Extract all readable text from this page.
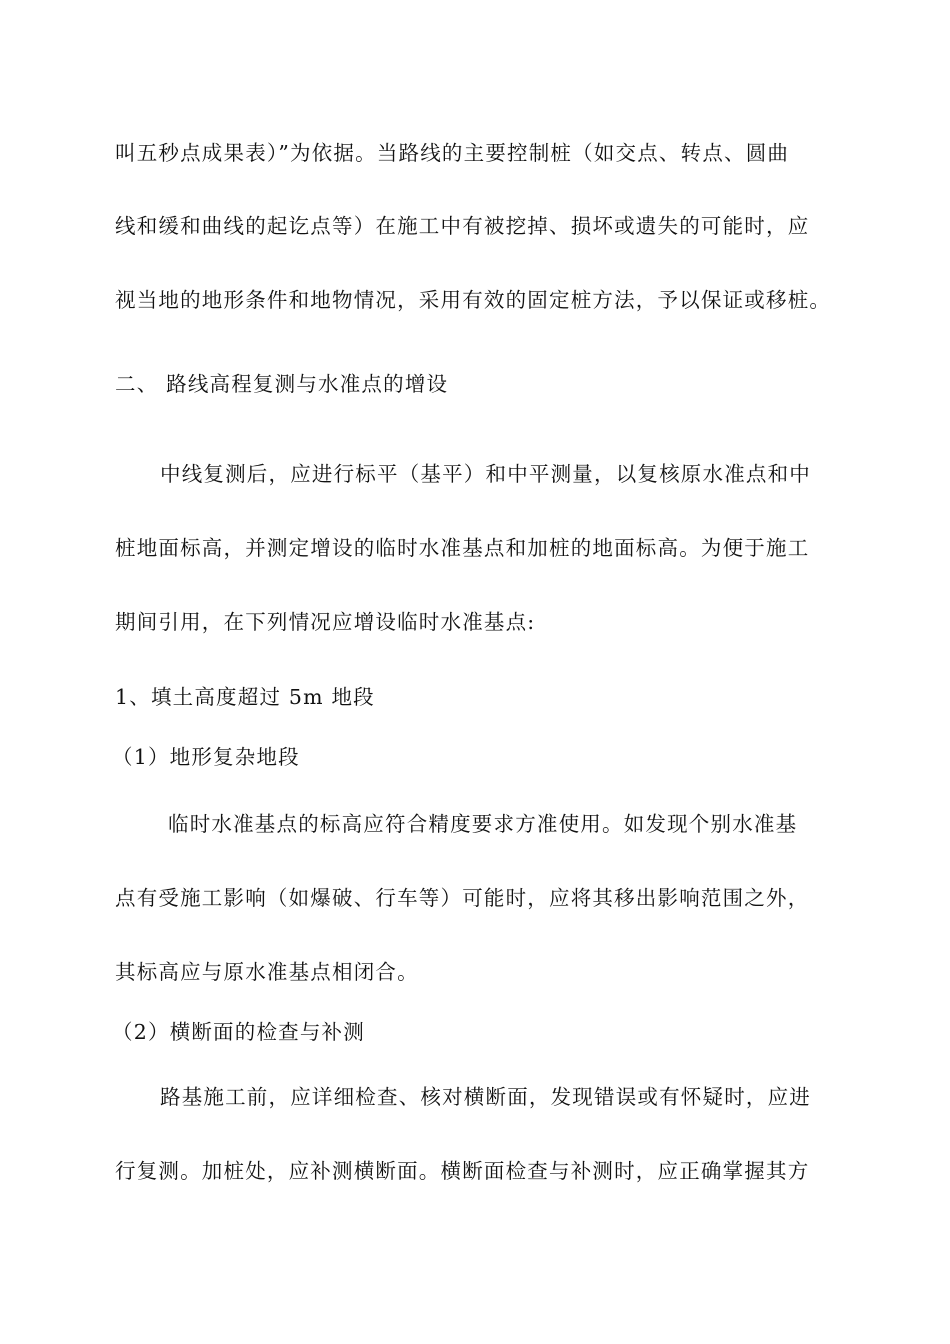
叫五秒点成果表）”为依据。当路线的主要控制桩（如交点、转点、圆曲
线和缓和曲线的起讫点等）在施工中有被挖掉、损坏或遗失的可能时，应
视当地的地形条件和地物情况，采用有效的固定桩方法，予以保证或移桩。
二、 路线高程复测与水准点的增设
中线复测后，应进行标平（基平）和中平测量，以复核原水准点和中
桩地面标高，并测定增设的临时水准基点和加桩的地面标高。为便于施工
期间引用，在下列情况应增设临时水准基点:
1、填土高度超过 5m 地段
（1）地形复杂地段
临时水准基点的标高应符合精度要求方准使用。如发现个别水准基
点有受施工影响（如爆破、行车等）可能时，应将其移出影响范围之外，
其标高应与原水准基点相闭合。
（2）横断面的检查与补测
路基施工前，应详细检查、核对横断面，发现错误或有怀疑时，应进
行复测。加桩处，应补测横断面。横断面检查与补测时，应正确掌握其方
